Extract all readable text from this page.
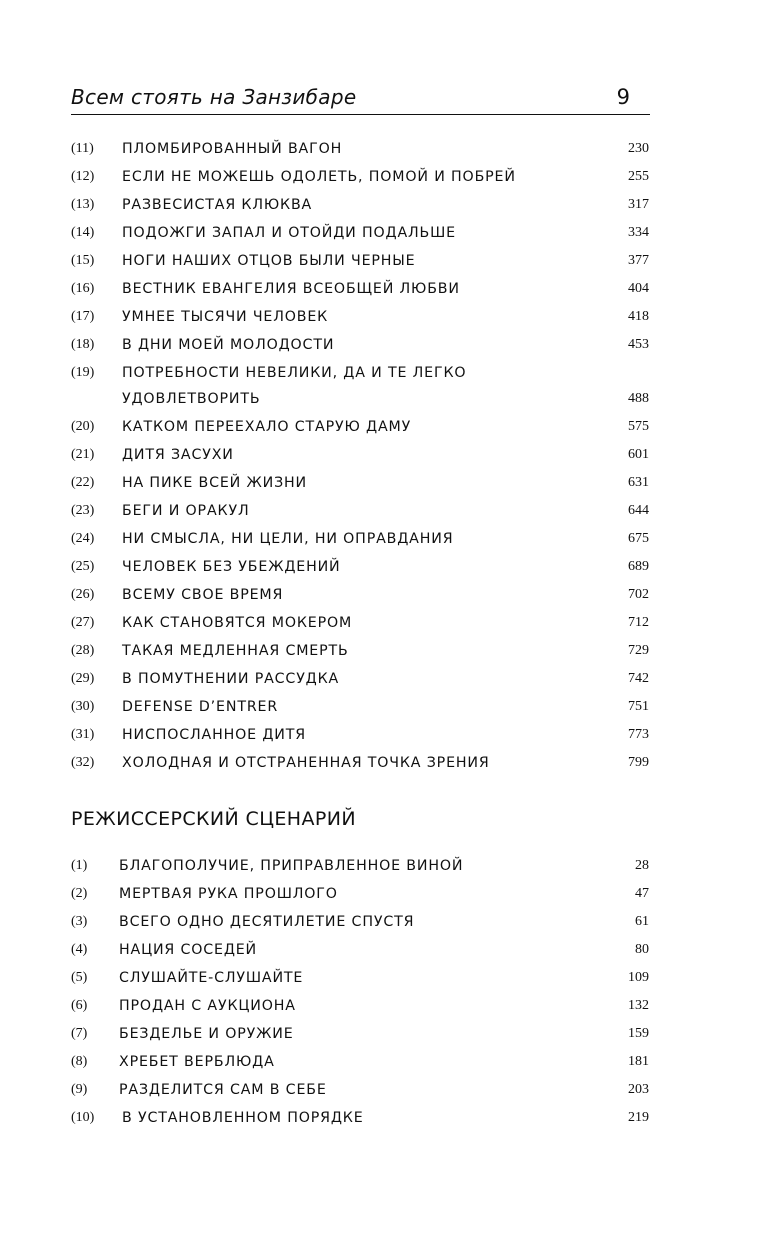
Всем стоять на Занзибаре	9
(11) ПЛОМБИРОВАННЫЙ ВАГОН	230
(12) ЕСЛИ НЕ МОЖЕШЬ ОДОЛЕТЬ, ПОМОЙ И ПОБРЕЙ	255
(13) РАЗВЕСИСТАЯ КЛЮКВА	317
(14) ПОДОЖГИ ЗАПАЛ И ОТОЙДИ ПОДАЛЬШЕ	334
(15) НОГИ НАШИХ ОТЦОВ БЫЛИ ЧЕРНЫЕ	377
(16) ВЕСТНИК ЕВАНГЕЛИЯ ВСЕОБЩЕЙ ЛЮБВИ	404
(17) УМНЕЕ ТЫСЯЧИ ЧЕЛОВЕК	418
(18) В ДНИ МОЕЙ МОЛОДОСТИ	453
(19) ПОТРЕБНОСТИ НЕВЕЛИКИ, ДА И ТЕ ЛЕГКО
УДОВЛЕТВОРИТЬ	488
(20) КАТКОМ ПЕРЕЕХАЛО СТАРУЮ ДАМУ	575
(21) ДИТЯ ЗАСУХИ	601
(22) НА ПИКЕ ВСЕЙ ЖИЗНИ	631
(23) БЕГИ И ОРАКУЛ	644
(24) НИ СМЫСЛА, НИ ЦЕЛИ, НИ ОПРАВДАНИЯ	675
(25) ЧЕЛОВЕК БЕЗ УБЕЖДЕНИЙ	689
(26) ВСЕМУ СВОЕ ВРЕМЯ	702
(27) КАК СТАНОВЯТСЯ МОКЕРОМ	712
(28) ТАКАЯ МЕДЛЕННАЯ СМЕРТЬ	729
(29) В ПОМУТНЕНИИ РАССУДКА	742
(30) DEFENSE D’ENTRER	751
(31) НИСПОСЛАННОЕ ДИТЯ	773
(32) ХОЛОДНАЯ И ОТСТРАНЕННАЯ ТОЧКА ЗРЕНИЯ	799
РЕЖИССЕРСКИЙ СЦЕНАРИЙ
(1) БЛАГОПОЛУЧИЕ, ПРИПРАВЛЕННОЕ ВИНОЙ	28
(2) МЕРТВАЯ РУКА ПРОШЛОГО	47
(3) ВСЕГО ОДНО ДЕСЯТИЛЕТИЕ СПУСТЯ	61
(4) НАЦИЯ СОСЕДЕЙ	80
(5) СЛУШАЙТЕ-СЛУШАЙТЕ	109
(6) ПРОДАН С АУКЦИОНА	132
(7) БЕЗДЕЛЬЕ И ОРУЖИЕ	159
(8) ХРЕБЕТ ВЕРБЛЮДА	181
(9) РАЗДЕЛИТСЯ САМ В СЕБЕ	203
(10) В УСТАНОВЛЕННОМ ПОРЯДКЕ	219
